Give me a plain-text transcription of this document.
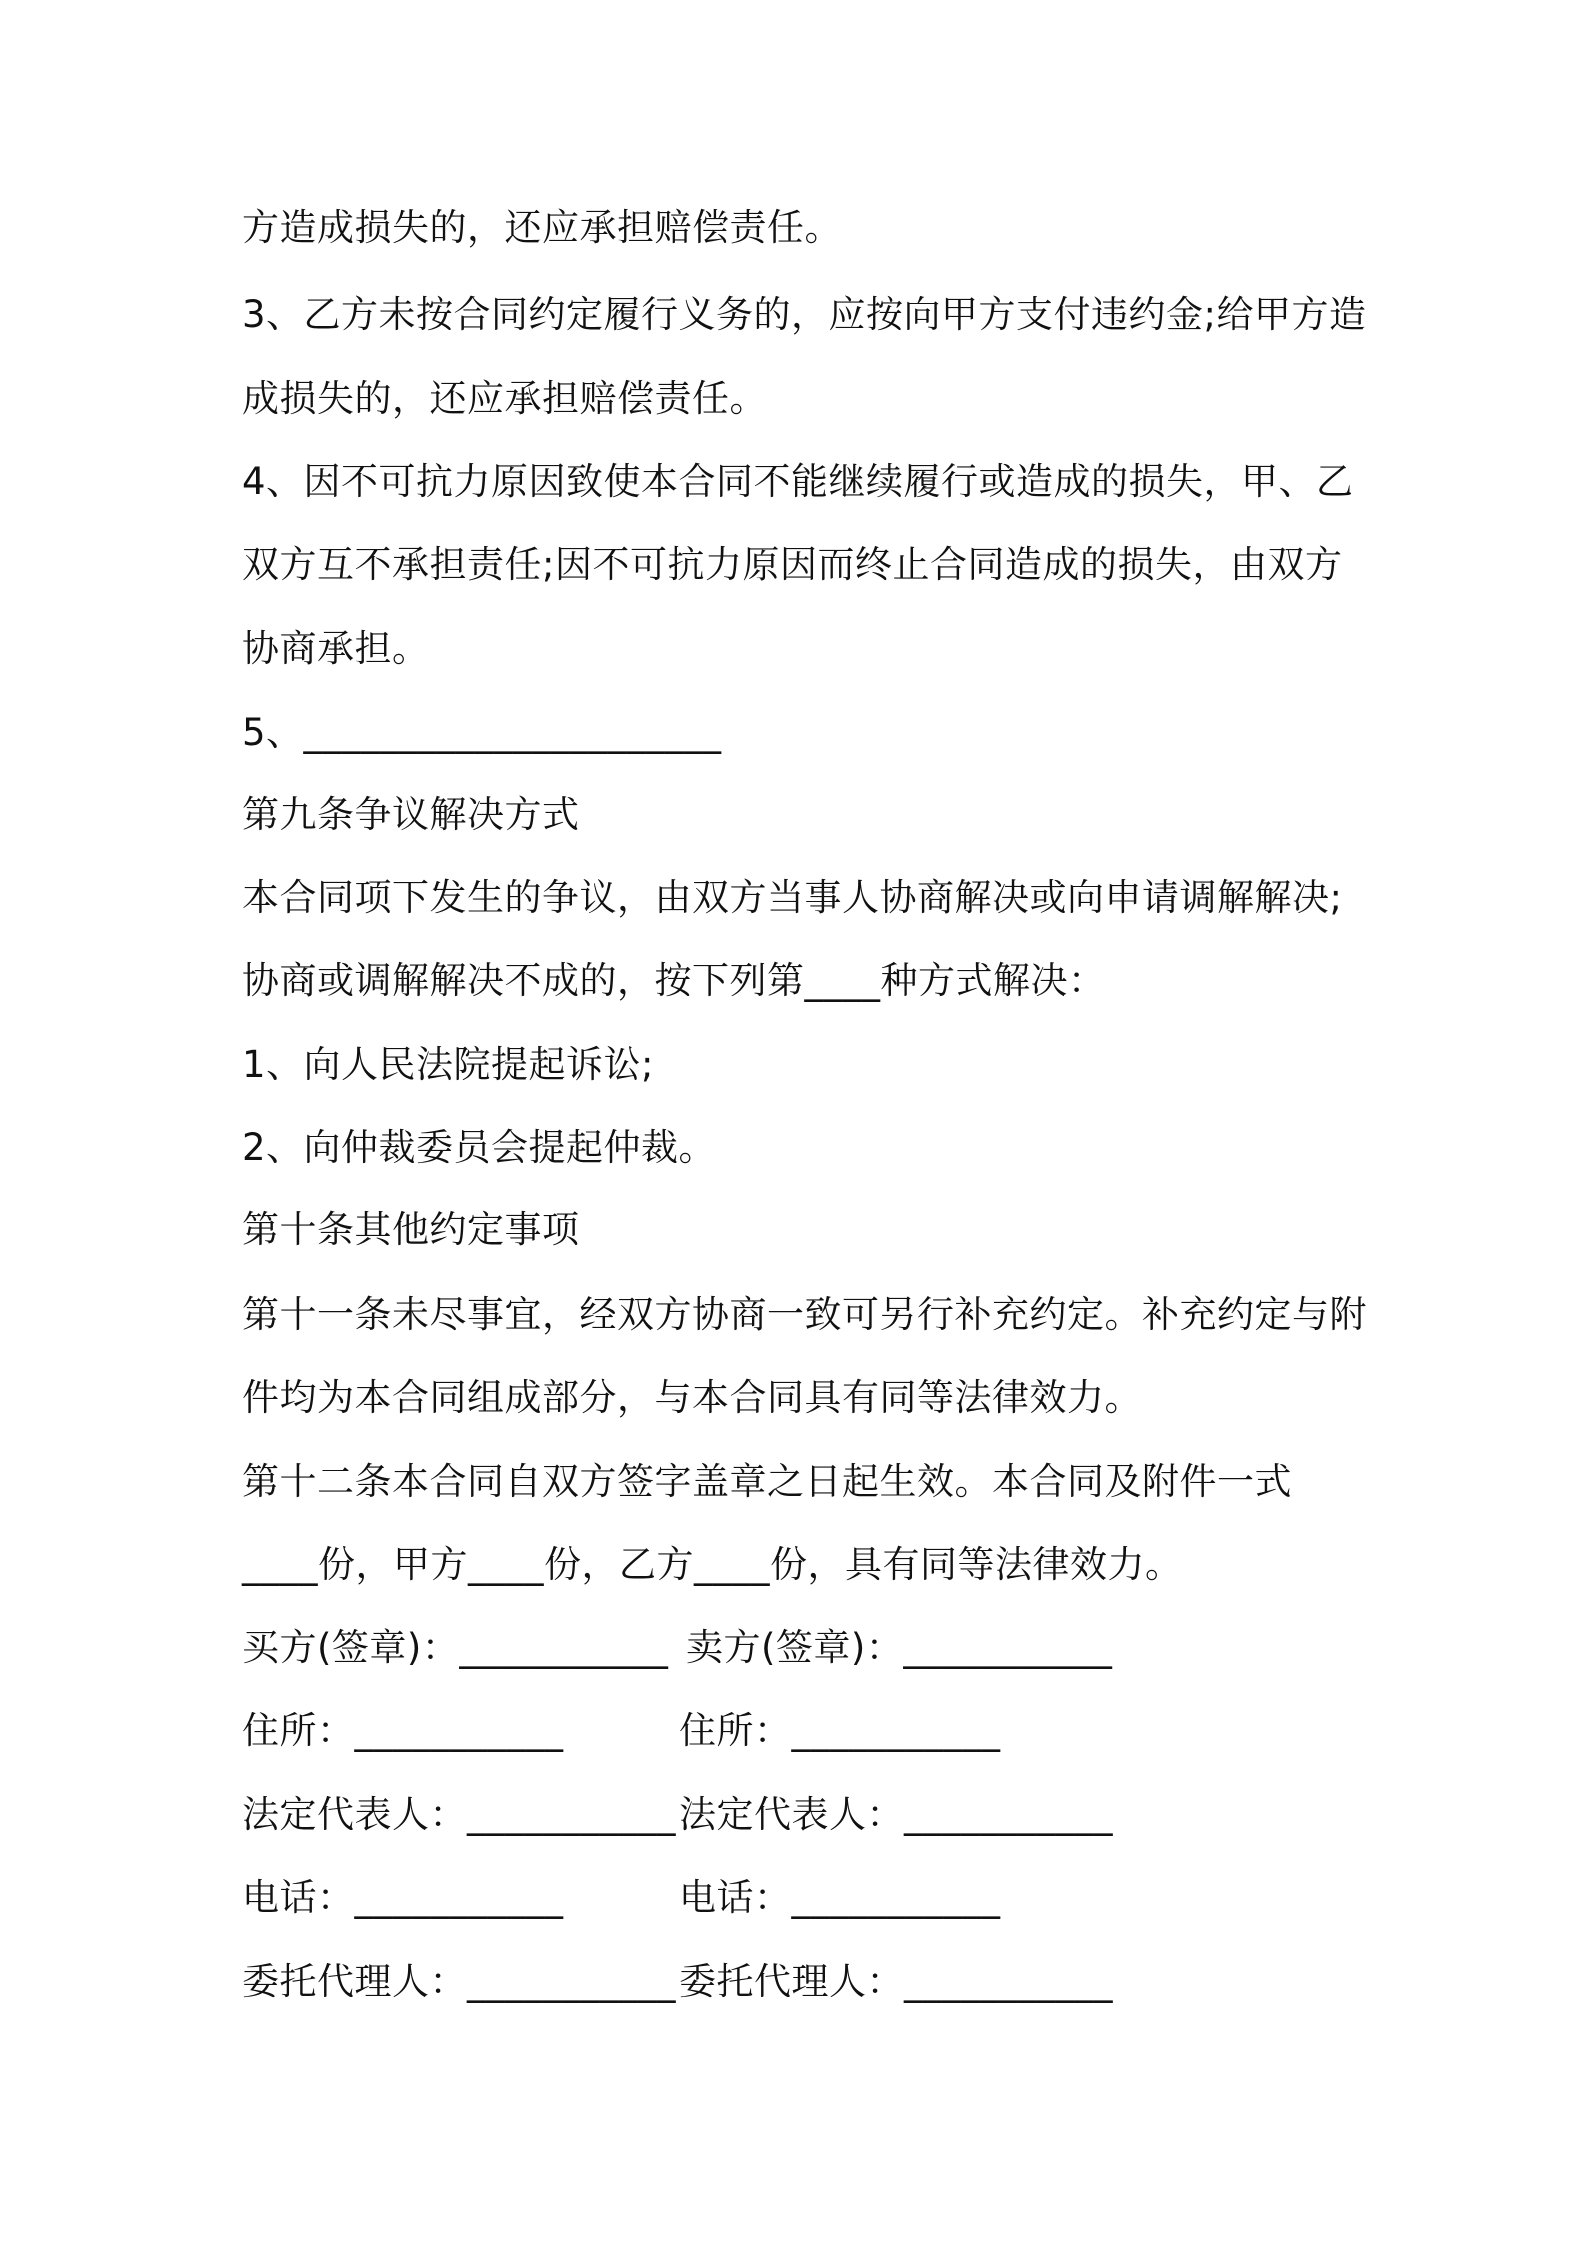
方造成损失的，还应承担赔偿责任。
3、乙方未按合同约定履行义务的，应按向甲方支付违约金;给甲方造
成损失的，还应承担赔偿责任。
4、因不可抗力原因致使本合同不能继续履行或造成的损失，甲、乙
双方互不承担责任;因不可抗力原因而终止合同造成的损失，由双方
协商承担。
5、______________________
第九条争议解决方式
本合同项下发生的争议，由双方当事人协商解决或向申请调解解决;
协商或调解解决不成的，按下列第____种方式解决：
1、向人民法院提起诉讼;
2、向仲裁委员会提起仲裁。
第十条其他约定事项
第十一条未尽事宜，经双方协商一致可另行补充约定。补充约定与附
件均为本合同组成部分，与本合同具有同等法律效力。
第十二条本合同自双方签字盖章之日起生效。本合同及附件一式
____份，甲方____份，乙方____份，具有同等法律效力。
买方(签章)：___________ 卖方(签章)：___________
住所：___________	住所：___________
法定代表人：___________ 法定代表人：___________
电话：___________	电话：___________
委托代理人：___________ 委托代理人：___________
